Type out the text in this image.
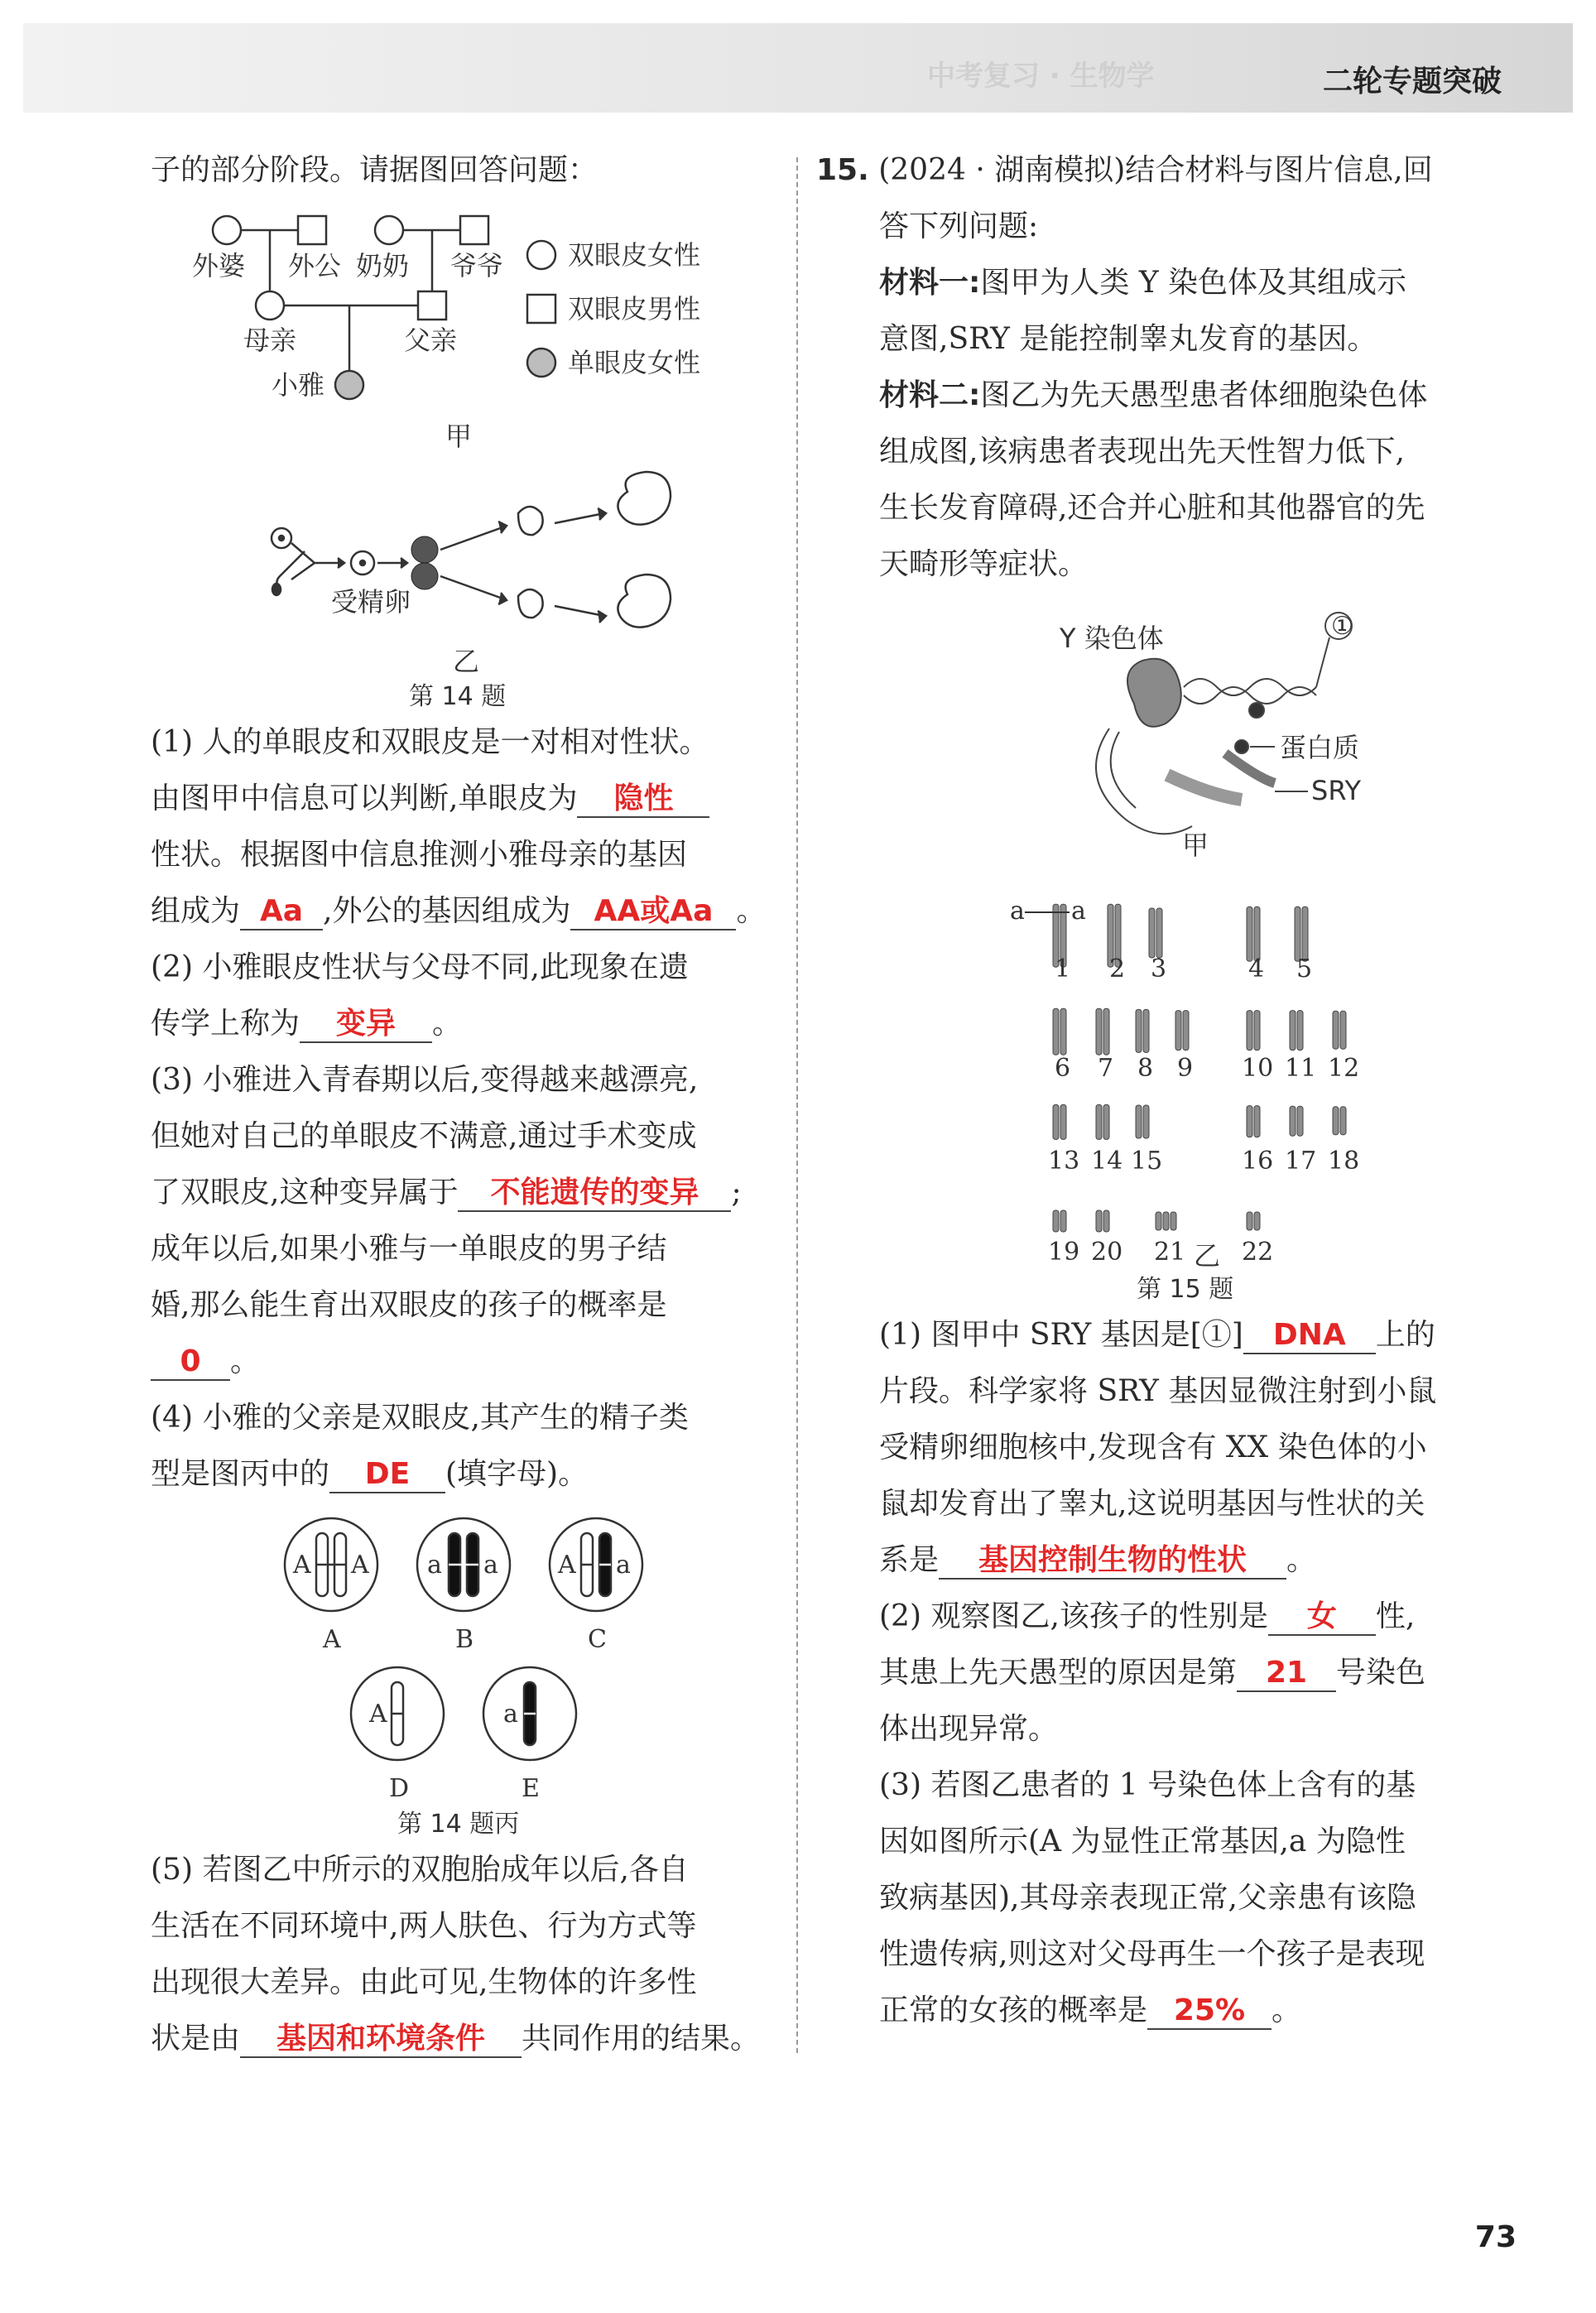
中考复习 · 生物学	二轮专题突破
子的部分阶段。请据图回答问题：
外婆 外公 奶奶 爷爷
母亲	父亲
小雅
双眼皮女性
双眼皮男性
单眼皮女性
甲
受精卵
乙
第 14 题
(1) 人的单眼皮和双眼皮是一对相对性状。
由图甲中信息可以判断,单眼皮为 隐性
性状。根据图中信息推测小雅母亲的基因
组成为 Aa ,外公的基因组成为 AA或Aa 。
(2) 小雅眼皮性状与父母不同,此现象在遗
传学上称为 变异 。
(3) 小雅进入青春期以后,变得越来越漂亮,
但她对自己的单眼皮不满意,通过手术变成
了双眼皮,这种变异属于 不能遗传的变异 ;
成年以后,如果小雅与一单眼皮的男子结
婚,那么能生育出双眼皮的孩子的概率是
0 。
(4) 小雅的父亲是双眼皮,其产生的精子类
型是图丙中的 DE (填字母)。
A A a a A a
A	a
A	B	C
D	E
第 14 题丙
(5) 若图乙中所示的双胞胎成年以后,各自
生活在不同环境中,两人肤色、行为方式等
出现很大差异。由此可见,生物体的许多性
状是由 基因和环境条件 共同作用的结果。
15. (2024 · 湖南模拟)结合材料与图片信息,回
答下列问题:
材料一:图甲为人类 Y 染色体及其组成示
意图,SRY 是能控制睾丸发育的基因。
材料二:图乙为先天愚型患者体细胞染色体
组成图,该病患者表现出先天性智力低下,
生长发育障碍,还合并心脏和其他器官的先
天畸形等症状。
①
Y 染色体
蛋白质
SRY
甲
1 2 3	4 5
6 7 8 9 10 11 12
13 14 15	16 17 18
19 20 21 22
a a
乙
第 15 题
(1) 图甲中 SRY 基因是[①] DNA 上的
片段。科学家将 SRY 基因显微注射到小鼠
受精卵细胞核中,发现含有 XX 染色体的小
鼠却发育出了睾丸,这说明基因与性状的关
系是 基因控制生物的性状 。
(2) 观察图乙,该孩子的性别是 女 性,
其患上先天愚型的原因是第 21 号染色
体出现异常。
(3) 若图乙患者的 1 号染色体上含有的基
因如图所示(A 为显性正常基因,a 为隐性
致病基因),其母亲表现正常,父亲患有该隐
性遗传病,则这对父母再生一个孩子是表现
正常的女孩的概率是 25% 。
73
